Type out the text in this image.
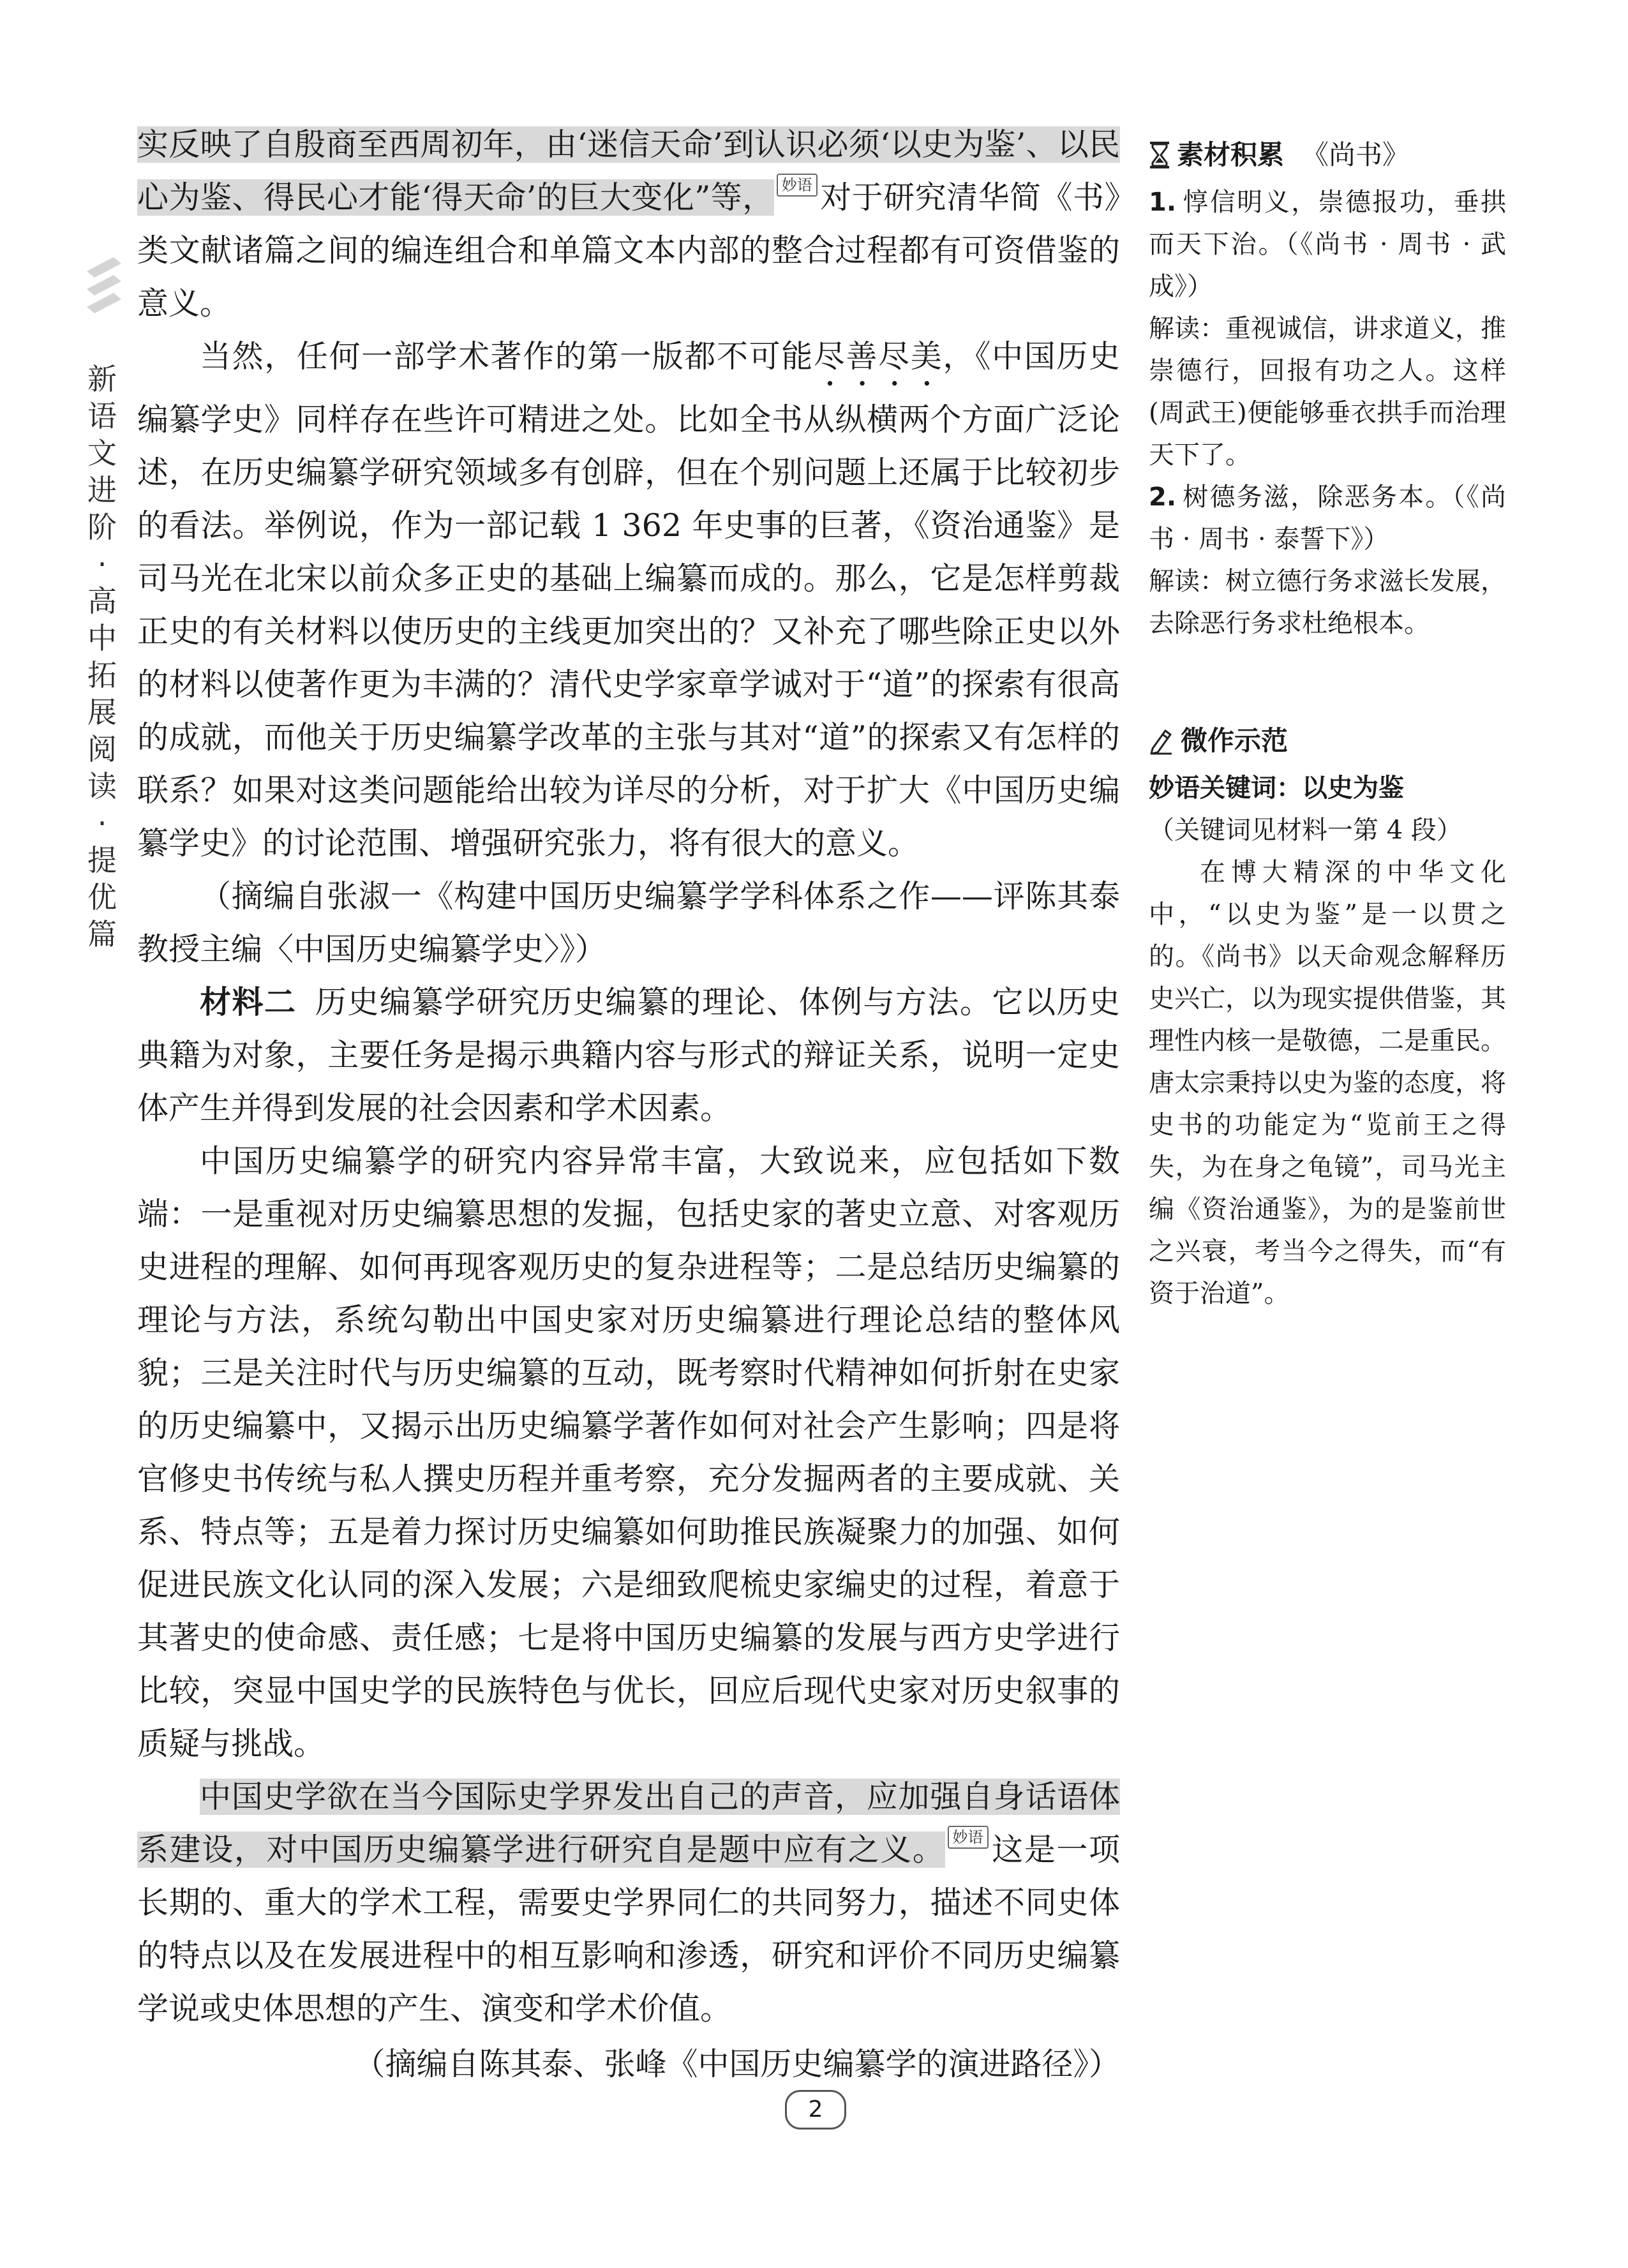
新
语
文
进
阶
·
高
中
拓
展
阅
读
·
提
优
篇

实反映了自殷商至西周初年，由‘迷信天命’到认识必须‘以史为鉴’、以民心为鉴、得民心才能‘得天命’的巨大变化”等， 妙语 对于研究清华简《书》类文献诸篇之间的编连组合和单篇文本内部的整合过程都有可资借鉴的意义。

当然，任何一部学术著作的第一版都不可能尽善尽美，《中国历史编纂学史》同样存在些许可精进之处。比如全书从纵横两个方面广泛论述，在历史编纂学研究领域多有创辟，但在个别问题上还属于比较初步的看法。举例说，作为一部记载 1 362 年史事的巨著，《资治通鉴》是司马光在北宋以前众多正史的基础上编纂而成的。那么，它是怎样剪裁正史的有关材料以使历史的主线更加突出的？又补充了哪些除正史以外的材料以使著作更为丰满的？清代史学家章学诚对于“道”的探索有很高的成就，而他关于历史编纂学改革的主张与其对“道”的探索又有怎样的联系？如果对这类问题能给出较为详尽的分析，对于扩大《中国历史编纂学史》的讨论范围、增强研究张力，将有很大的意义。

（摘编自张淑一《构建中国历史编纂学学科体系之作——评陈其泰教授主编〈中国历史编纂学史〉》）

材料二 历史编纂学研究历史编纂的理论、体例与方法。它以历史典籍为对象，主要任务是揭示典籍内容与形式的辩证关系，说明一定史体产生并得到发展的社会因素和学术因素。

中国历史编纂学的研究内容异常丰富，大致说来，应包括如下数端：一是重视对历史编纂思想的发掘，包括史家的著史立意、对客观历史进程的理解、如何再现客观历史的复杂进程等；二是总结历史编纂的理论与方法，系统勾勒出中国史家对历史编纂进行理论总结的整体风貌；三是关注时代与历史编纂的互动，既考察时代精神如何折射在史家的历史编纂中，又揭示出历史编纂学著作如何对社会产生影响；四是将官修史书传统与私人撰史历程并重考察，充分发掘两者的主要成就、关系、特点等；五是着力探讨历史编纂如何助推民族凝聚力的加强、如何促进民族文化认同的深入发展；六是细致爬梳史家编史的过程，着意于其著史的使命感、责任感；七是将中国历史编纂的发展与西方史学进行比较，突显中国史学的民族特色与优长，回应后现代史家对历史叙事的质疑与挑战。

中国史学欲在当今国际史学界发出自己的声音，应加强自身话语体系建设，对中国历史编纂学进行研究自是题中应有之义。 妙语 这是一项长期的、重大的学术工程，需要史学界同仁的共同努力，描述不同史体的特点以及在发展进程中的相互影响和渗透，研究和评价不同历史编纂学说或史体思想的产生、演变和学术价值。

（摘编自陈其泰、张峰《中国历史编纂学的演进路径》）

素材积累 《尚书》

1. 惇信明义，崇德报功，垂拱而天下治。（《尚书 · 周书 · 武成》）

解读：重视诚信，讲求道义，推崇德行，回报有功之人。这样(周武王)便能够垂衣拱手而治理天下了。

2. 树德务滋，除恶务本。（《尚书 · 周书 · 泰誓下》）

解读：树立德行务求滋长发展，去除恶行务求杜绝根本。

微作示范

妙语关键词：以史为鉴

（关键词见材料一第 4 段）

在博大精深的中华文化中，“以史为鉴”是一以贯之的。《尚书》以天命观念解释历史兴亡，以为现实提供借鉴，其理性内核一是敬德，二是重民。唐太宗秉持以史为鉴的态度，将史书的功能定为“览前王之得失，为在身之龟镜”，司马光主编《资治通鉴》，为的是鉴前世之兴衰，考当今之得失，而“有资于治道”。

2
